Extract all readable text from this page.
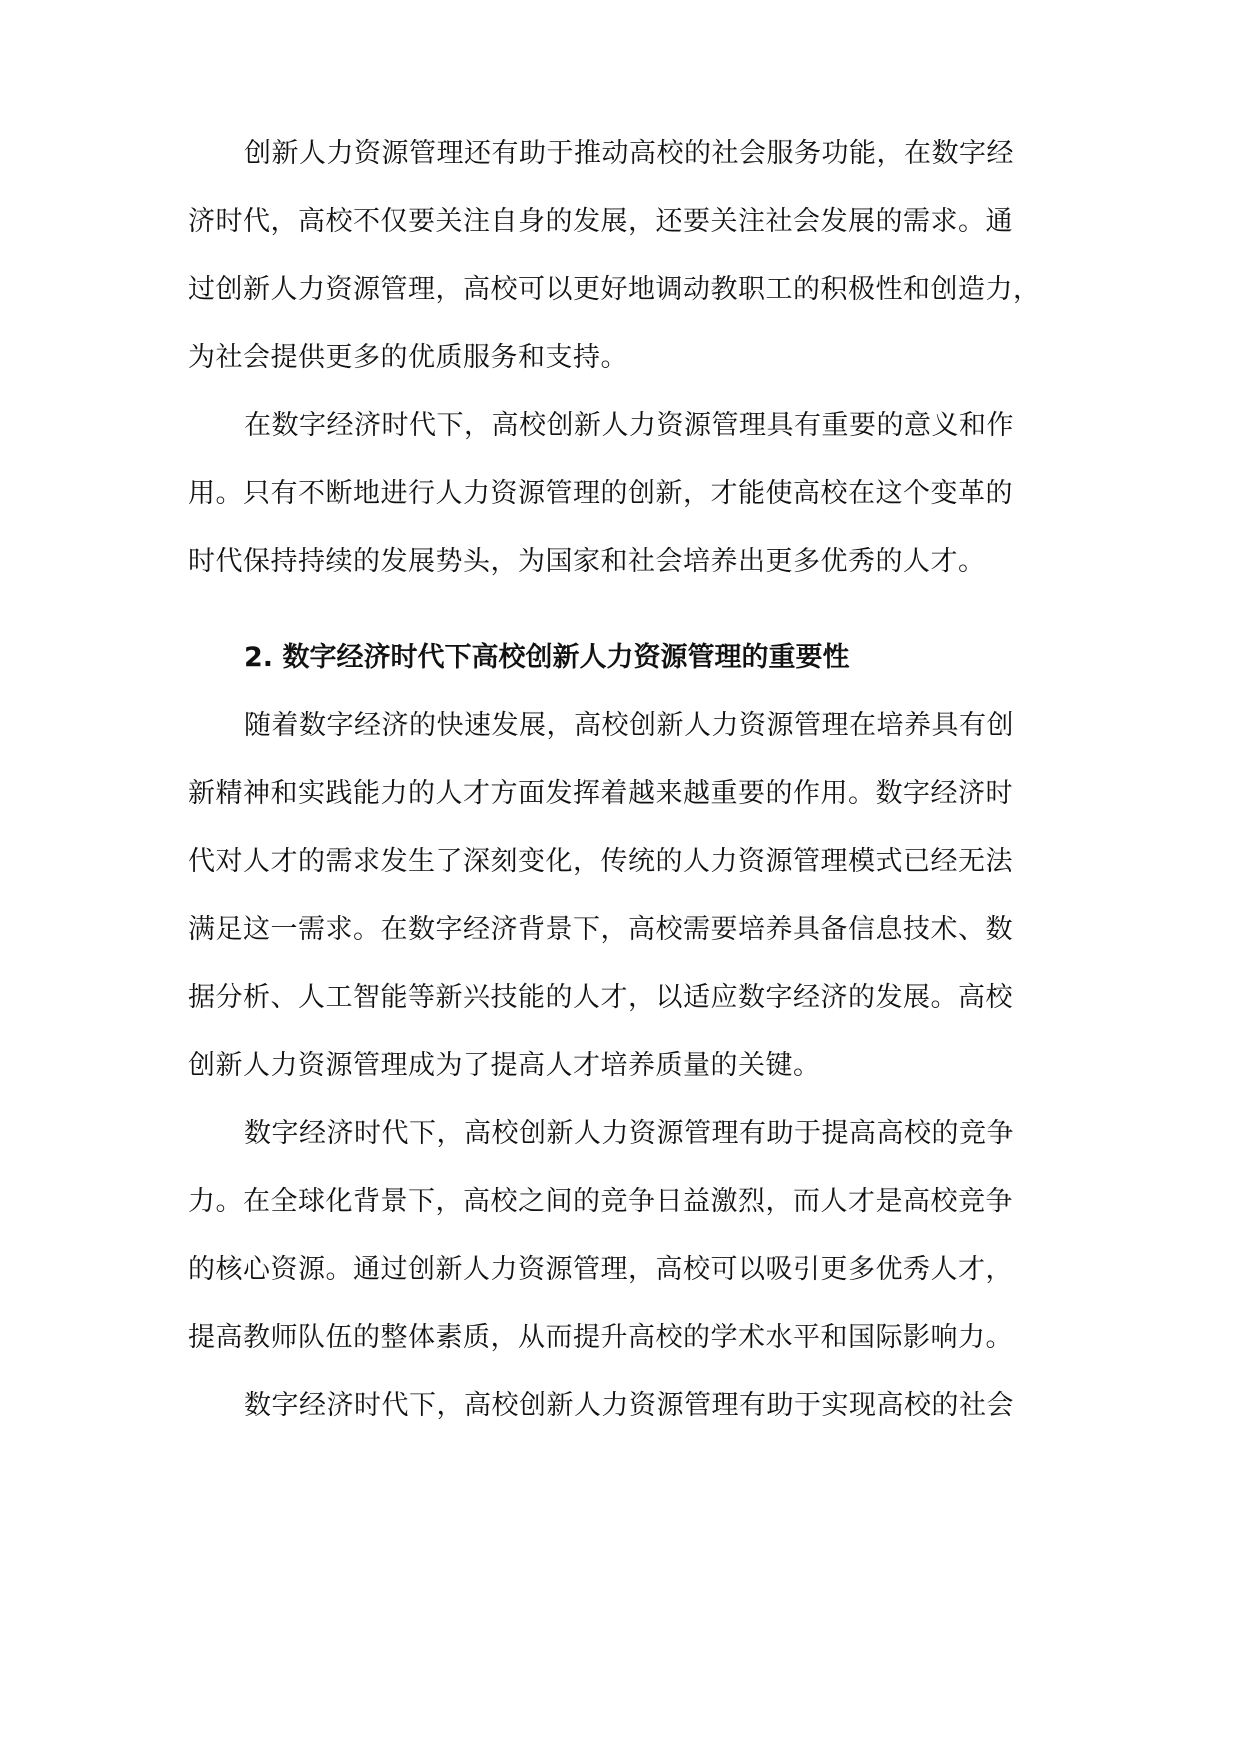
创新人力资源管理还有助于推动高校的社会服务功能，在数字经
济时代，高校不仅要关注自身的发展，还要关注社会发展的需求。通
过创新人力资源管理，高校可以更好地调动教职工的积极性和创造力，
为社会提供更多的优质服务和支持。
在数字经济时代下，高校创新人力资源管理具有重要的意义和作
用。只有不断地进行人力资源管理的创新，才能使高校在这个变革的
时代保持持续的发展势头，为国家和社会培养出更多优秀的人才。
2. 数字经济时代下高校创新人力资源管理的重要性
随着数字经济的快速发展，高校创新人力资源管理在培养具有创
新精神和实践能力的人才方面发挥着越来越重要的作用。数字经济时
代对人才的需求发生了深刻变化，传统的人力资源管理模式已经无法
满足这一需求。在数字经济背景下，高校需要培养具备信息技术、数
据分析、人工智能等新兴技能的人才，以适应数字经济的发展。高校
创新人力资源管理成为了提高人才培养质量的关键。
数字经济时代下，高校创新人力资源管理有助于提高高校的竞争
力。在全球化背景下，高校之间的竞争日益激烈，而人才是高校竞争
的核心资源。通过创新人力资源管理，高校可以吸引更多优秀人才，
提高教师队伍的整体素质，从而提升高校的学术水平和国际影响力。
数字经济时代下，高校创新人力资源管理有助于实现高校的社会
